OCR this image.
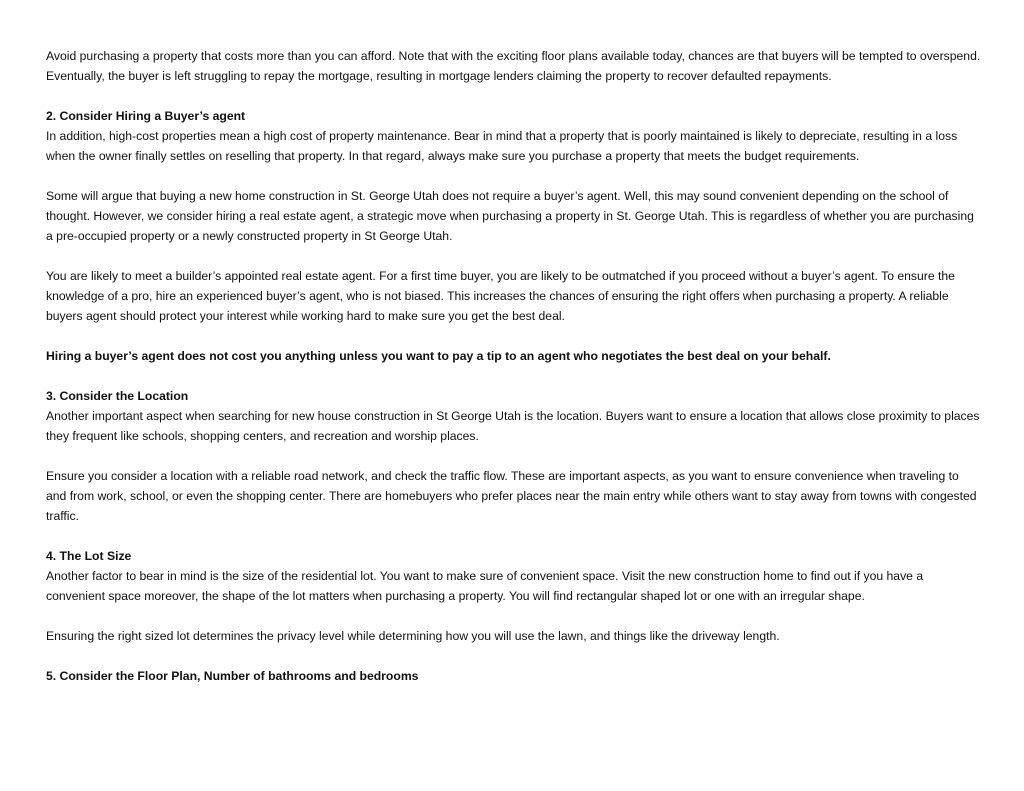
Avoid purchasing a property that costs more than you can afford. Note that with the exciting floor plans available today, chances are that buyers will be tempted to overspend. Eventually, the buyer is left struggling to repay the mortgage, resulting in mortgage lenders claiming the property to recover defaulted repayments.

2. Consider Hiring a Buyer’s agent

In addition, high-cost properties mean a high cost of property maintenance. Bear in mind that a property that is poorly maintained is likely to depreciate, resulting in a loss when the owner finally settles on reselling that property. In that regard, always make sure you purchase a property that meets the budget requirements.

Some will argue that buying a new home construction in St. George Utah does not require a buyer’s agent. Well, this may sound convenient depending on the school of thought. However, we consider hiring a real estate agent, a strategic move when purchasing a property in St. George Utah. This is regardless of whether you are purchasing a pre-occupied property or a newly constructed property in St George Utah.

You are likely to meet a builder’s appointed real estate agent. For a first time buyer, you are likely to be outmatched if you proceed without a buyer’s agent. To ensure the knowledge of a pro, hire an experienced buyer’s agent, who is not biased. This increases the chances of ensuring the right offers when purchasing a property. A reliable buyers agent should protect your interest while working hard to make sure you get the best deal.

Hiring a buyer’s agent does not cost you anything unless you want to pay a tip to an agent who negotiates the best deal on your behalf.

3. Consider the Location

Another important aspect when searching for new house construction in St George Utah is the location. Buyers want to ensure a location that allows close proximity to places they frequent like schools, shopping centers, and recreation and worship places.

Ensure you consider a location with a reliable road network, and check the traffic flow. These are important aspects, as you want to ensure convenience when traveling to and from work, school, or even the shopping center. There are homebuyers who prefer places near the main entry while others want to stay away from towns with congested traffic.

4. The Lot Size

Another factor to bear in mind is the size of the residential lot. You want to make sure of convenient space. Visit the new construction home to find out if you have a convenient space moreover, the shape of the lot matters when purchasing a property. You will find rectangular shaped lot or one with an irregular shape.

Ensuring the right sized lot determines the privacy level while determining how you will use the lawn, and things like the driveway length.

5. Consider the Floor Plan, Number of bathrooms and bedrooms
